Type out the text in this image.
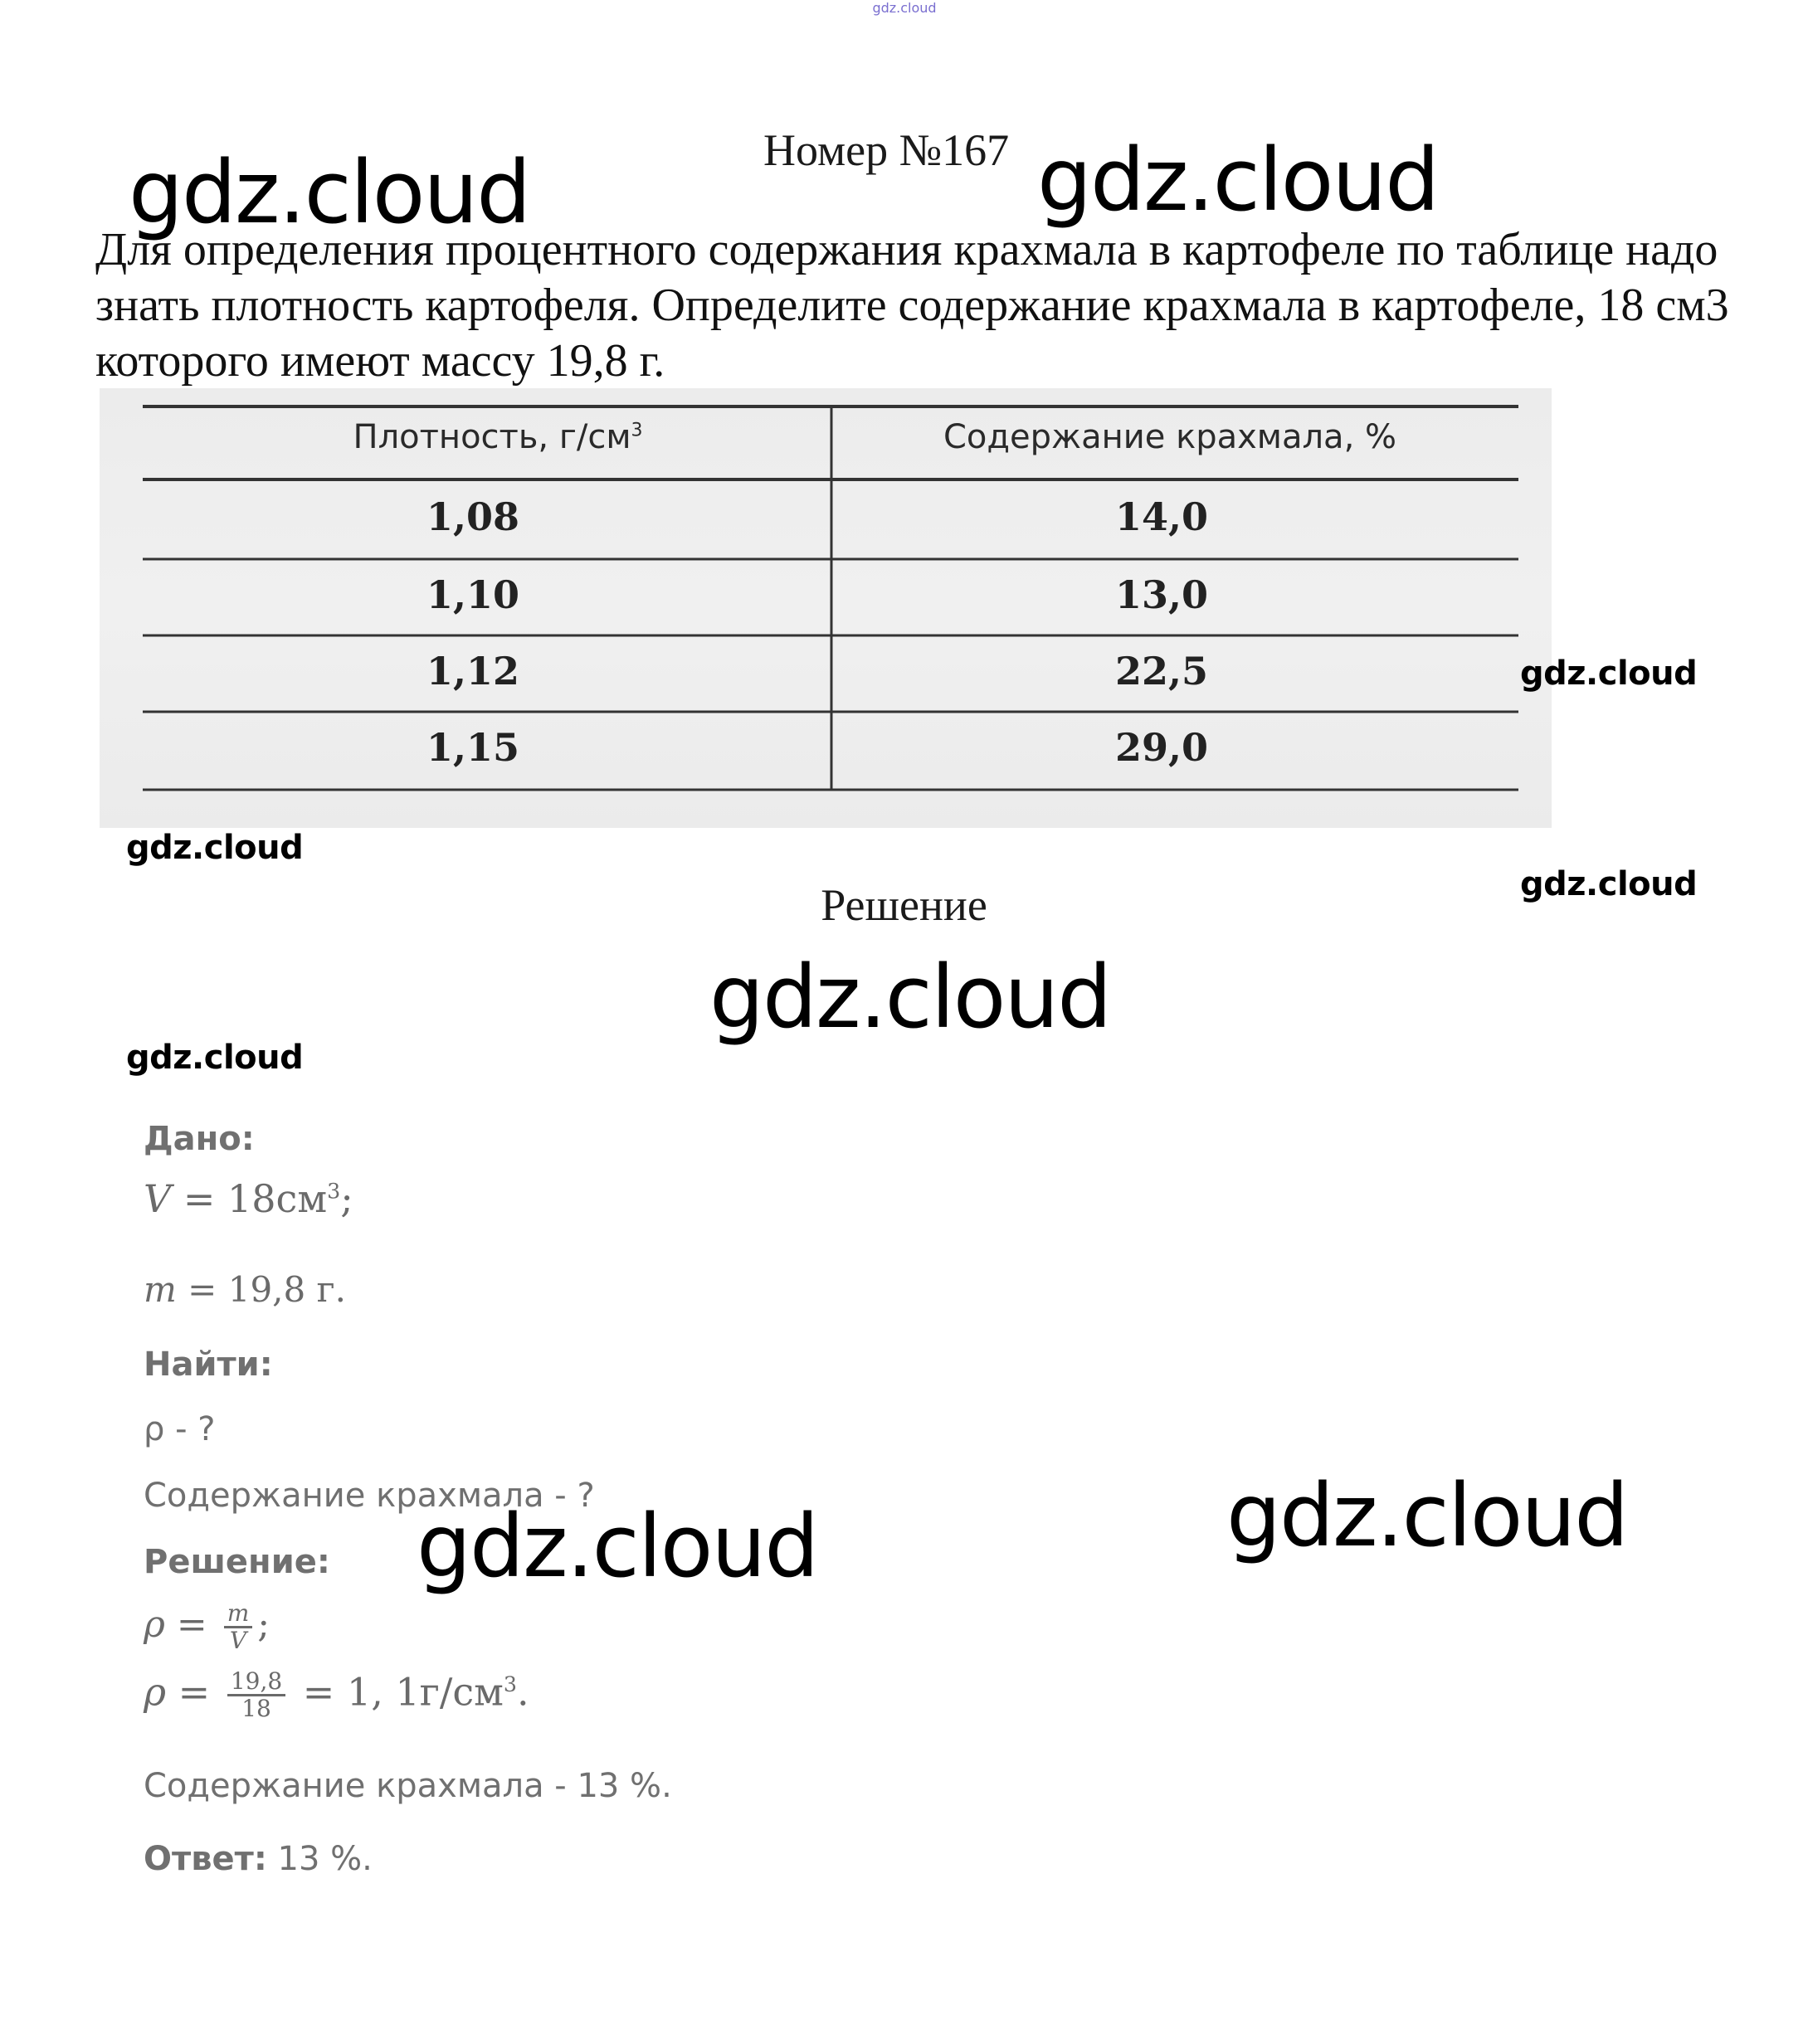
gdz.cloud
Номер №167
Для определения процентного содержания крахмала в картофеле по таблице надо знать плотность картофеля. Определите содержание крахмала в картофеле, 18 см3 которого имеют массу 19,8 г.
Плотность, $г/см^3$	Содержание крахмала, %
1,08	14,0
1,10	13,0
1,12	22,5
1,15	29,0
Решение
gdz.cloud	gdz.cloud
gdz.cloud
gdz.cloud
gdz.cloud
gdz.cloud
gdz.cloud
gdz.cloud
gdz.cloud
Дано:
$V = 18см^3$;
m = 19,8 г.
Найти:
ρ - ?
Содержание крахмала - ?
Решение:
$\rho = \frac{m}{V}$ ;
$\rho = \frac{19,8}{18} = 1$, $1г/см^3$.
Содержание крахмала - 13 %.
Ответ: 13 %.
